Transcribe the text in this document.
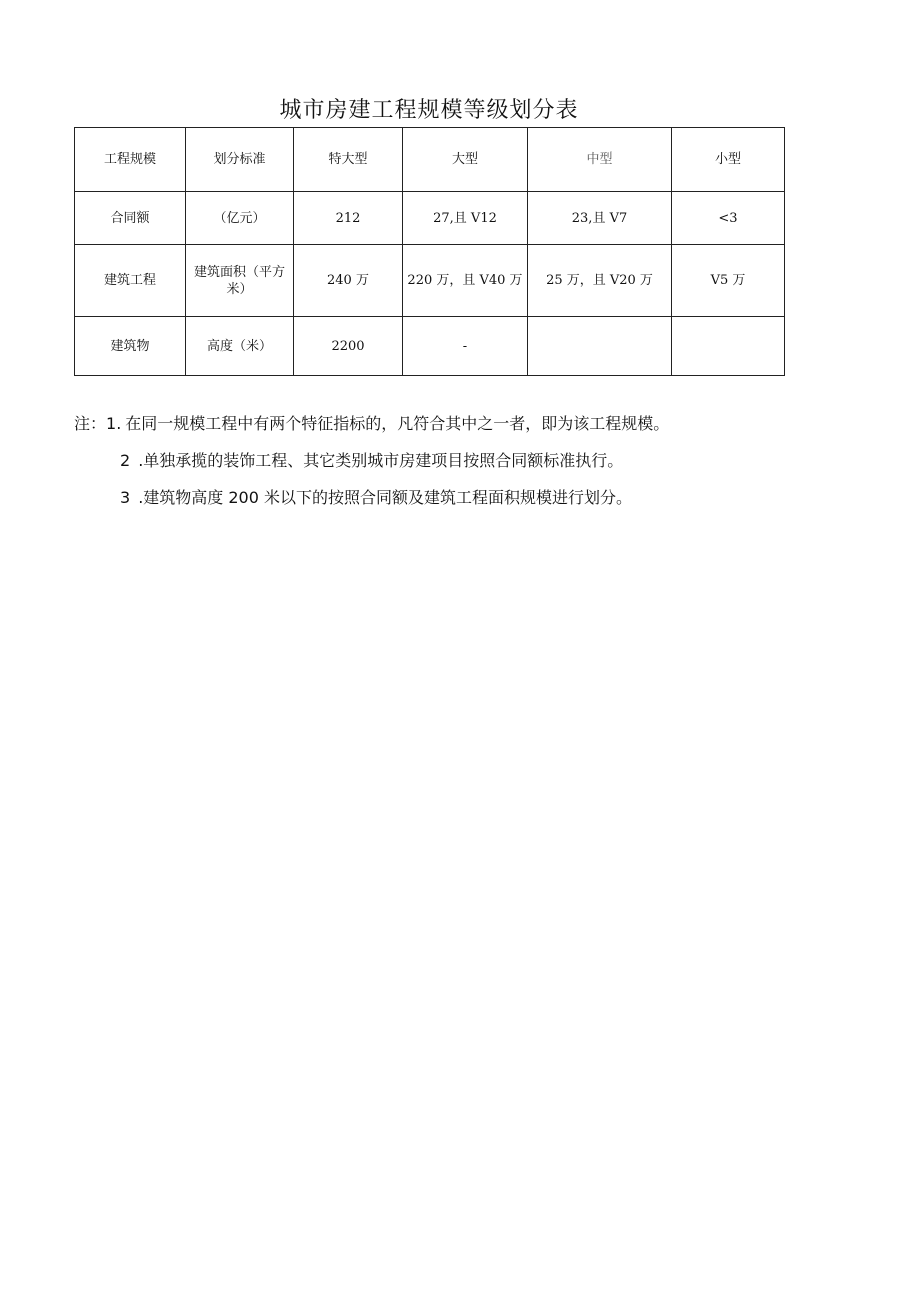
城市房建工程规模等级划分表
工程规模	划分标准	特大型	大型	中型	小型
合同额	（亿元）	212	27,且 V12	23,且 V7	<3
建筑工程	建筑面积（平方米）	240 万	220 万，且 V40 万	25 万，且 V20 万	V5 万
建筑物	高度（米）	2200	-		
注：1. 在同一规模工程中有两个特征指标的，凡符合其中之一者，即为该工程规模。
2 .单独承揽的装饰工程、其它类别城市房建项目按照合同额标准执行。
3 .建筑物高度 200 米以下的按照合同额及建筑工程面积规模进行划分。
